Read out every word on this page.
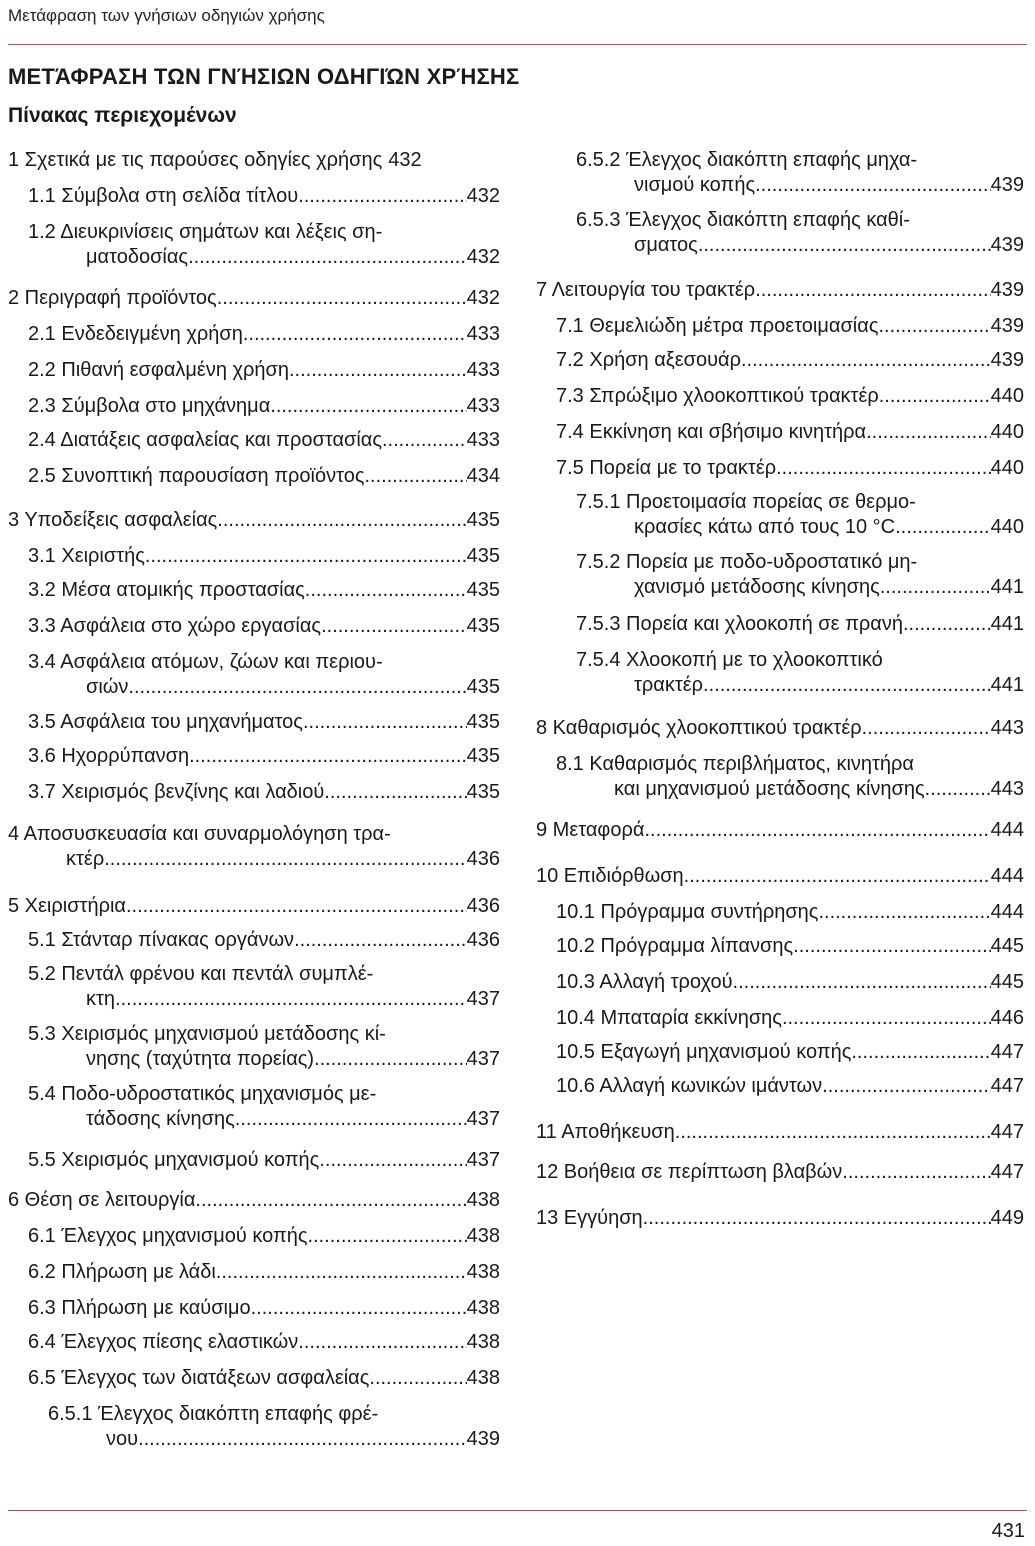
Μετάφραση των γνήσιων οδηγιών χρήσης
ΜΕΤΆΦΡΑΣΗ ΤΩΝ ΓΝΉΣΙΩΝ ΟΔΗΓΙΏΝ ΧΡΉΣΗΣ
Πίνακας περιεχομένων
1 Σχετικά με τις παρούσες οδηγίες χρήσης 432
1.1 Σύμβολα στη σελίδα τίτλου .....	432
1.2 Διευκρινίσεις σημάτων και λέξεις ση-
ματοδοσίας .....	432
2 Περιγραφή προϊόντος .....	432
2.1 Ενδεδειγμένη χρήση .....	433
2.2 Πιθανή εσφαλμένη χρήση .....	433
2.3 Σύμβολα στο μηχάνημα .....	433
2.4 Διατάξεις ασφαλείας και προστασίας .....	433
2.5 Συνοπτική παρουσίαση προϊόντος .....	434
3 Υποδείξεις ασφαλείας .....	435
3.1 Χειριστής .....	435
3.2 Μέσα ατομικής προστασίας .....	435
3.3 Ασφάλεια στο χώρο εργασίας .....	435
3.4 Ασφάλεια ατόμων, ζώων και περιου-
σιών .....	435
3.5 Ασφάλεια του μηχανήματος .....	435
3.6 Ηχορρύπανση .....	435
3.7 Χειρισμός βενζίνης και λαδιού .....	435
4 Αποσυσκευασία και συναρμολόγηση τρα-
κτέρ .....	436
5 Χειριστήρια .....	436
5.1 Στάνταρ πίνακας οργάνων .....	436
5.2 Πεντάλ φρένου και πεντάλ συμπλέ-
κτη .....	437
5.3 Χειρισμός μηχανισμού μετάδοσης κί-
νησης (ταχύτητα πορείας) .....	437
5.4 Ποδο-υδροστατικός μηχανισμός με-
τάδοσης κίνησης .....	437
5.5 Χειρισμός μηχανισμού κοπής .....	437
6 Θέση σε λειτουργία .....	438
6.1 Έλεγχος μηχανισμού κοπής .....	438
6.2 Πλήρωση με λάδι .....	438
6.3 Πλήρωση με καύσιμο .....	438
6.4 Έλεγχος πίεσης ελαστικών .....	438
6.5 Έλεγχος των διατάξεων ασφαλείας .....	438
6.5.1 Έλεγχος διακόπτη επαφής φρέ-
νου .....	439
6.5.2 Έλεγχος διακόπτη επαφής μηχα-
νισμού κοπής .....	439
6.5.3 Έλεγχος διακόπτη επαφής καθί-
σματος .....	439
7 Λειτουργία του τρακτέρ .....	439
7.1 Θεμελιώδη μέτρα προετοιμασίας .....	439
7.2 Χρήση αξεσουάρ .....	439
7.3 Σπρώξιμο χλοοκοπτικού τρακτέρ .....	440
7.4 Εκκίνηση και σβήσιμο κινητήρα .....	440
7.5 Πορεία με το τρακτέρ .....	440
7.5.1 Προετοιμασία πορείας σε θερμο-
κρασίες κάτω από τους 10 °C .....	440
7.5.2 Πορεία με ποδο-υδροστατικό μη-
χανισμό μετάδοσης κίνησης .....	441
7.5.3 Πορεία και χλοοκοπή σε πρανή .....	441
7.5.4 Χλοοκοπή με το χλοοκοπτικό
τρακτέρ .....	441
8 Καθαρισμός χλοοκοπτικού τρακτέρ .....	443
8.1 Καθαρισμός περιβλήματος, κινητήρα
και μηχανισμού μετάδοσης κίνησης .....	443
9 Μεταφορά .....	444
10 Επιδιόρθωση .....	444
10.1 Πρόγραμμα συντήρησης .....	444
10.2 Πρόγραμμα λίπανσης .....	445
10.3 Αλλαγή τροχού .....	445
10.4 Μπαταρία εκκίνησης .....	446
10.5 Εξαγωγή μηχανισμού κοπής .....	447
10.6 Αλλαγή κωνικών ιμάντων .....	447
11 Αποθήκευση .....	447
12 Βοήθεια σε περίπτωση βλαβών .....	447
13 Εγγύηση .....	449
431
